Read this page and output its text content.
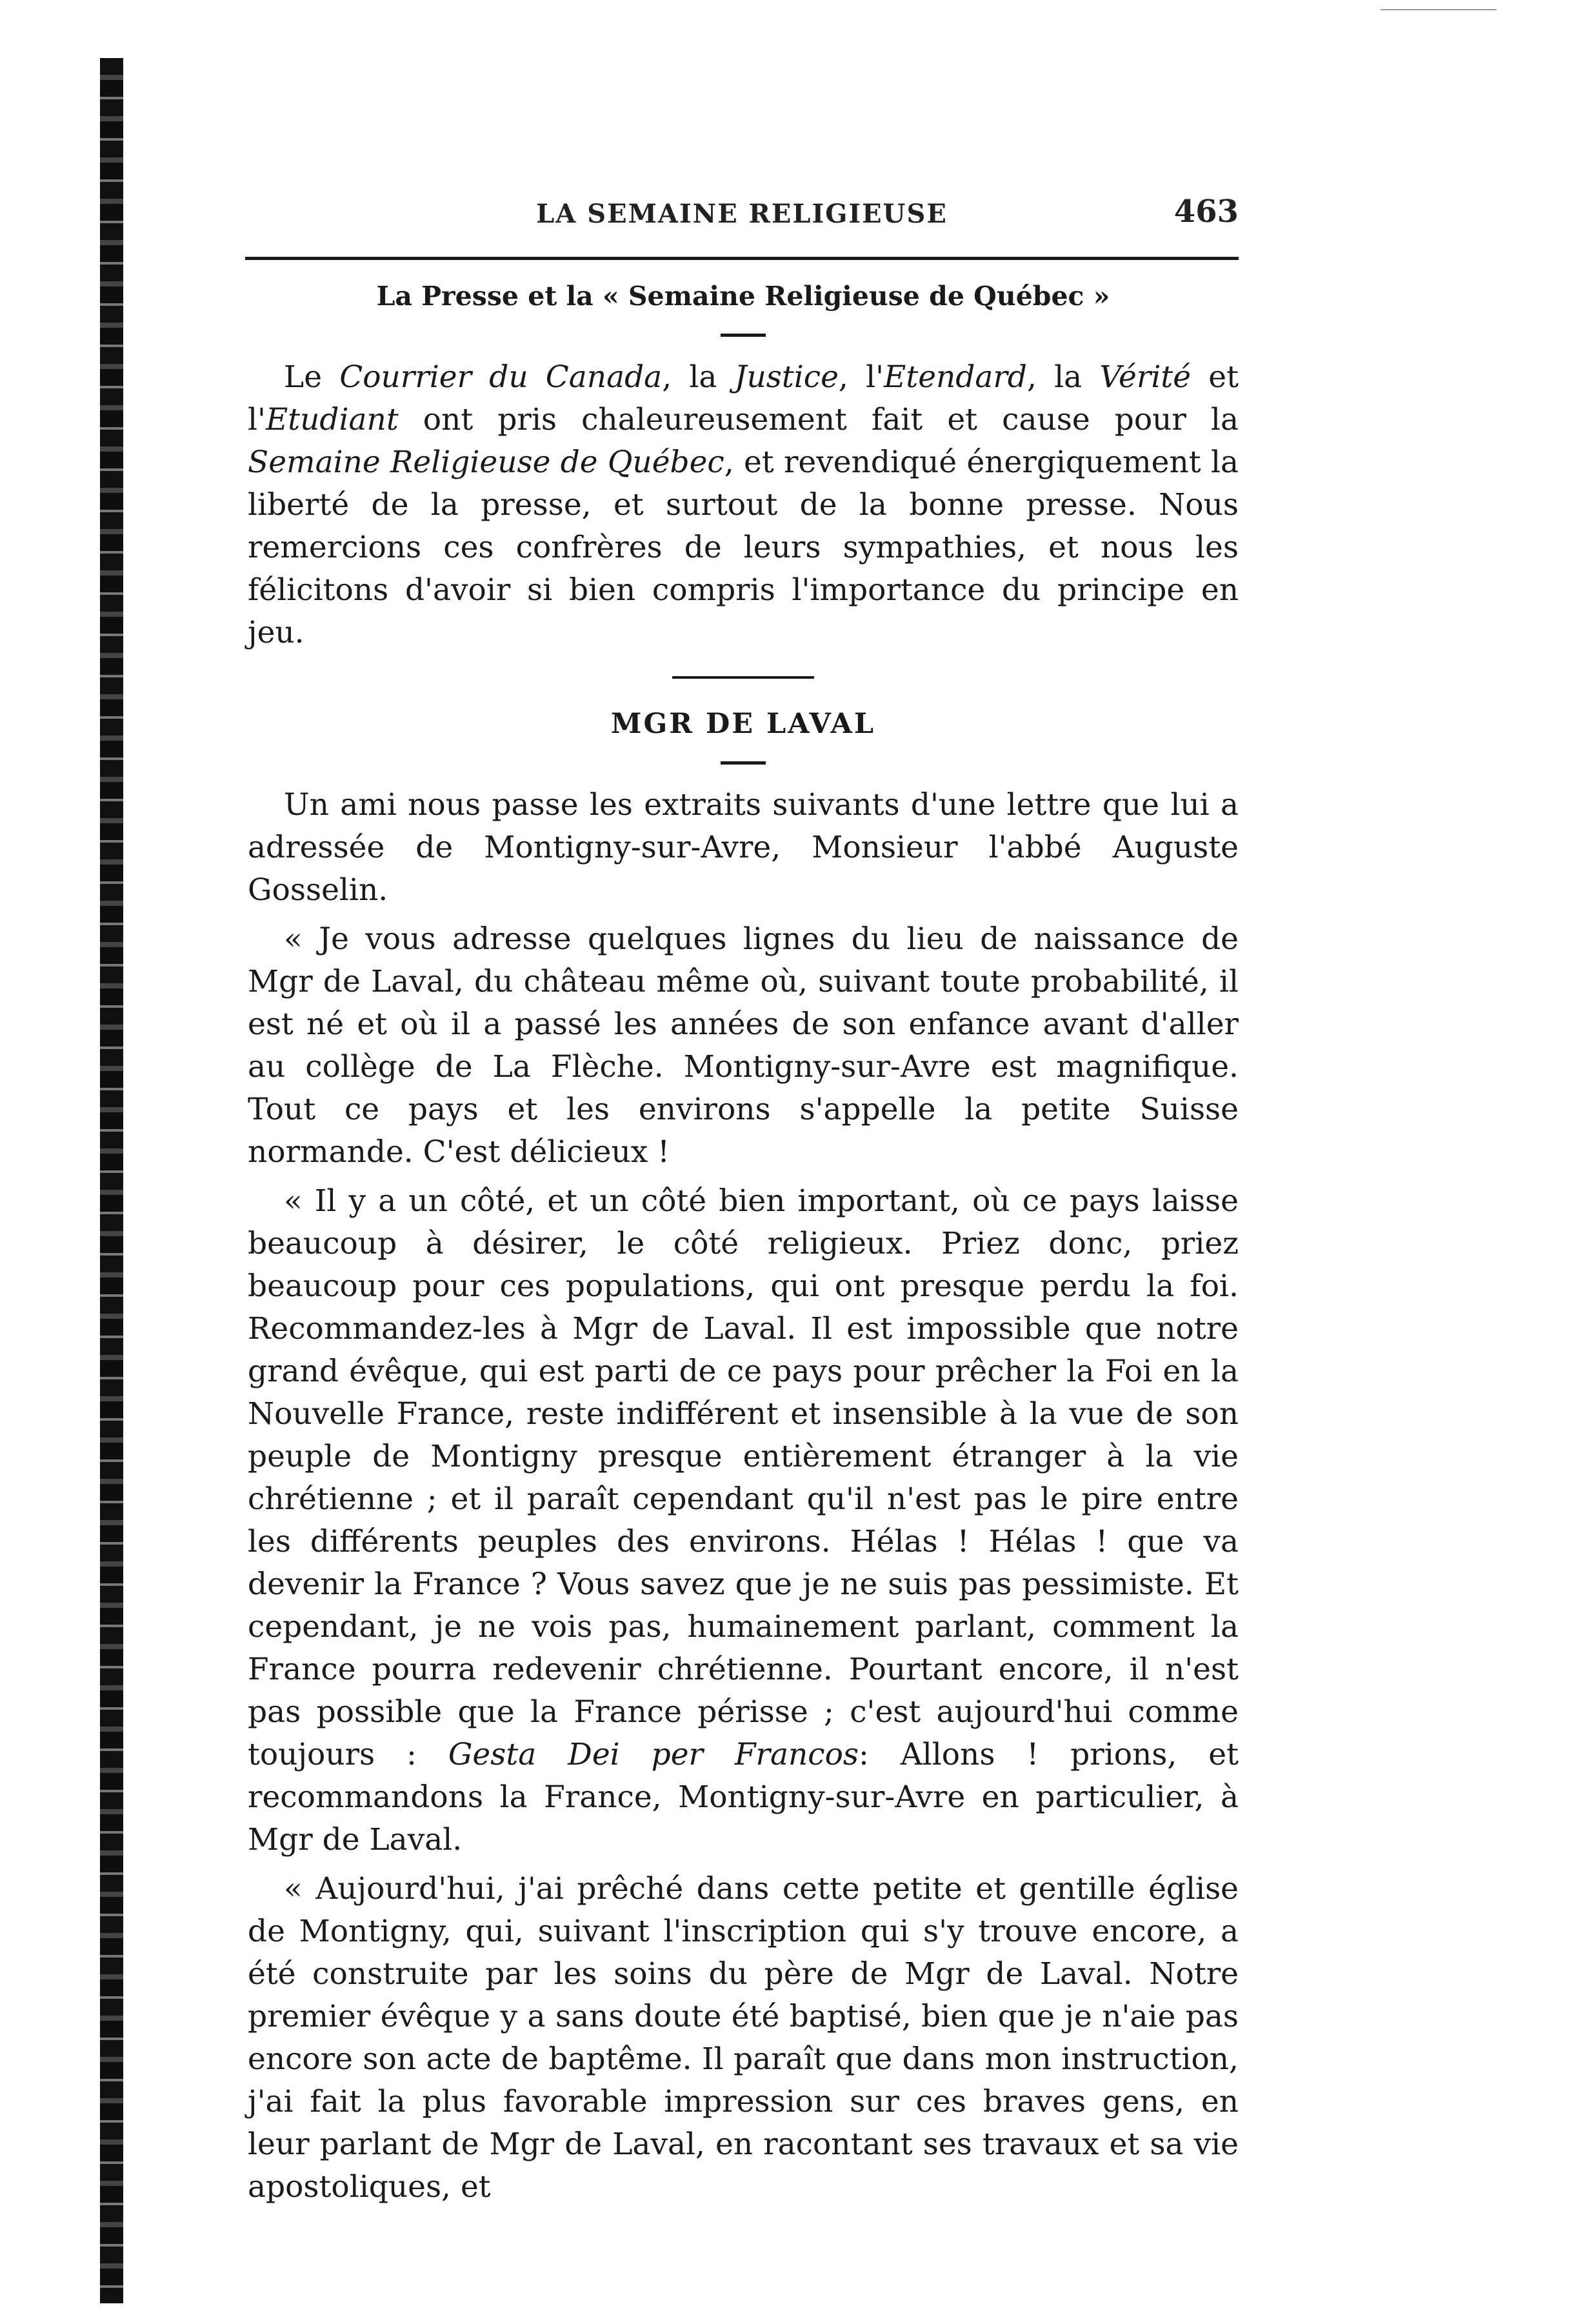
LA SEMAINE RELIGIEUSE	463
La Presse et la « Semaine Religieuse de Québec »

Le Courrier du Canada, la Justice, l'Etendard, la Vérité et l'Etudiant ont pris chaleureusement fait et cause pour la Semaine Religieuse de Québec, et revendiqué énergiquement la liberté de la presse, et surtout de la bonne presse. Nous remercions ces confrères de leurs sympathies, et nous les félicitons d'avoir si bien compris l'importance du principe en jeu.

MGR DE LAVAL

Un ami nous passe les extraits suivants d'une lettre que lui a adressée de Montigny-sur-Avre, Monsieur l'abbé Auguste Gosselin.

« Je vous adresse quelques lignes du lieu de naissance de Mgr de Laval, du château même où, suivant toute probabilité, il est né et où il a passé les années de son enfance avant d'aller au collège de La Flèche. Montigny-sur-Avre est magnifique. Tout ce pays et les environs s'appelle la petite Suisse normande. C'est délicieux !

« Il y a un côté, et un côté bien important, où ce pays laisse beaucoup à désirer, le côté religieux. Priez donc, priez beaucoup pour ces populations, qui ont presque perdu la foi. Recommandez-les à Mgr de Laval. Il est impossible que notre grand évêque, qui est parti de ce pays pour prêcher la Foi en la Nouvelle France, reste indifférent et insensible à la vue de son peuple de Montigny presque entièrement étranger à la vie chrétienne ; et il paraît cependant qu'il n'est pas le pire entre les différents peuples des environs. Hélas ! Hélas ! que va devenir la France ? Vous savez que je ne suis pas pessimiste. Et cependant, je ne vois pas, humainement parlant, comment la France pourra redevenir chrétienne. Pourtant encore, il n'est pas possible que la France périsse ; c'est aujourd'hui comme toujours : Gesta Dei per Francos: Allons ! prions, et recommandons la France, Montigny-sur-Avre en particulier, à Mgr de Laval.

« Aujourd'hui, j'ai prêché dans cette petite et gentille église de Montigny, qui, suivant l'inscription qui s'y trouve encore, a été construite par les soins du père de Mgr de Laval. Notre premier évêque y a sans doute été baptisé, bien que je n'aie pas encore son acte de baptême. Il paraît que dans mon instruction, j'ai fait la plus favorable impression sur ces braves gens, en leur parlant de Mgr de Laval, en racontant ses travaux et sa vie apostoliques, et
